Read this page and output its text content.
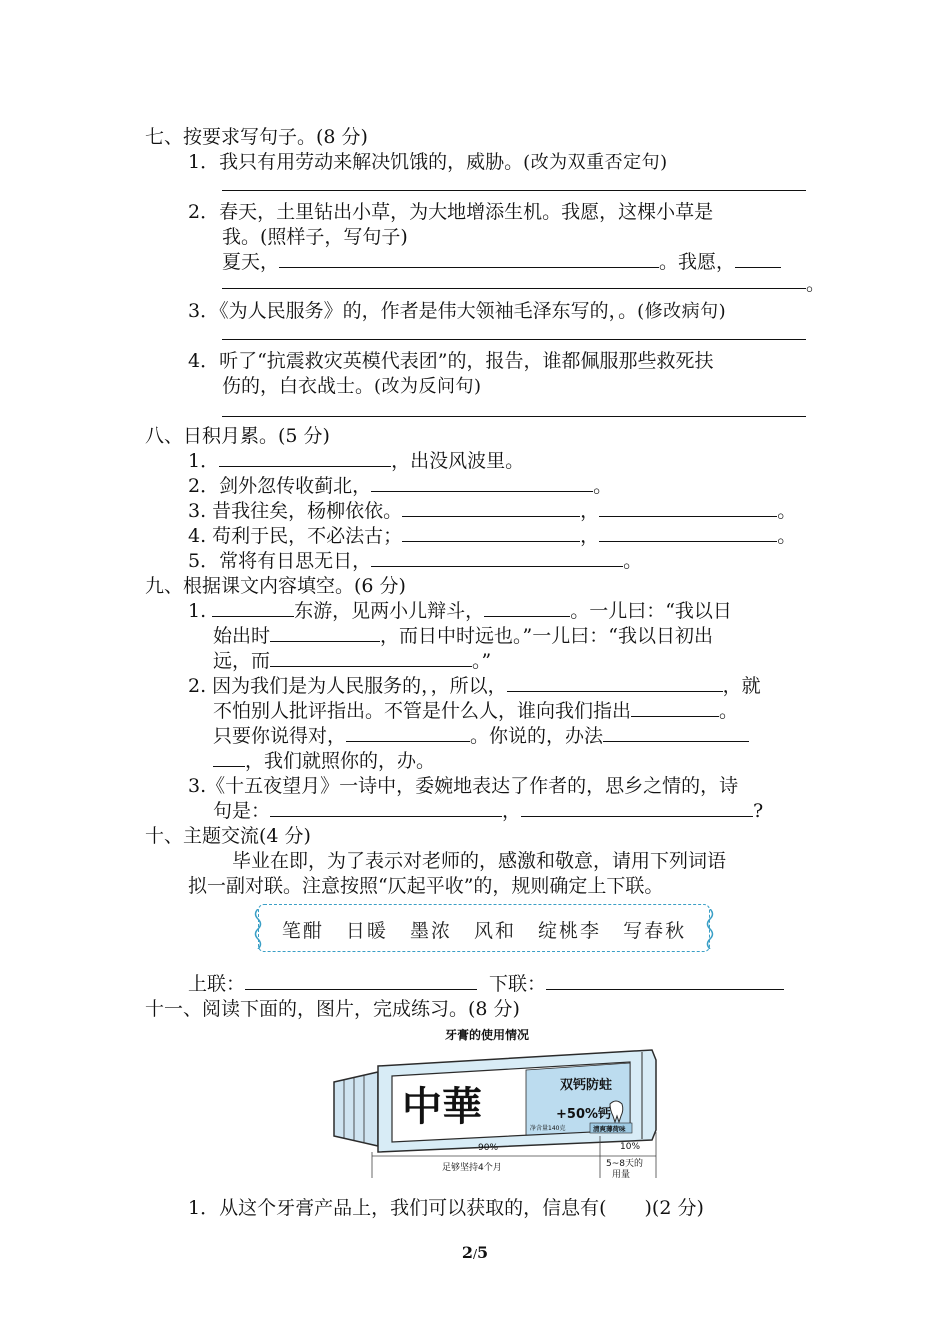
七、按要求写句子。(8 分)
1．我只有用劳动来解决饥饿的，威胁。(改为双重否定句)
2．春天，土里钻出小草，为大地增添生机。我愿，这棵小草是
我。(照样子，写句子)
夏天，	。我愿，
。
3．《为人民服务》的，作者是伟大领袖毛泽东写的，。(修改病句)
4．听了“抗震救灾英模代表团”的，报告，谁都佩服那些救死扶
伤的，白衣战士。(改为反问句)
八、日积月累。(5 分)
1．	，出没风波里。
2．剑外忽传收蓟北，	。
3. 昔我往矣，杨柳依依。	，	。
4. 苟利于民，不必法古；	，	。
5．常将有日思无日，	。
九、根据课文内容填空。(6 分)
1.	东游，见两小儿辩斗，	。一儿曰：“我以日
始出时	，而日中时远也。”一儿曰：“我以日初出
远，而	。”
2. 因为我们是为人民服务的，，所以，	，就
不怕别人批评指出。不管是什么人，谁向我们指出	。
只要你说得对，	。你说的，办法
，我们就照你的，办。
3.《十五夜望月》一诗中，委婉地表达了作者的，思乡之情的，诗
句是：	，	?
十、主题交流(4 分)
毕业在即，为了表示对老师的，感激和敬意，请用下列词语
拟一副对联。注意按照“仄起平收”的，规则确定上下联。
笔酣 日暖 墨浓 风和 绽桃李 写春秋
上联：	下联：
十一、阅读下面的，图片，完成练习。(8 分)
牙膏的使用情况
中華	双钙防蛀
+50%钙
净含量140克	清爽薄荷味
90%	10%
足够坚持4个月	5~8天的
用量
1．从这个牙膏产品上，我们可以获取的，信息有(　　)(2 分)
2/5
